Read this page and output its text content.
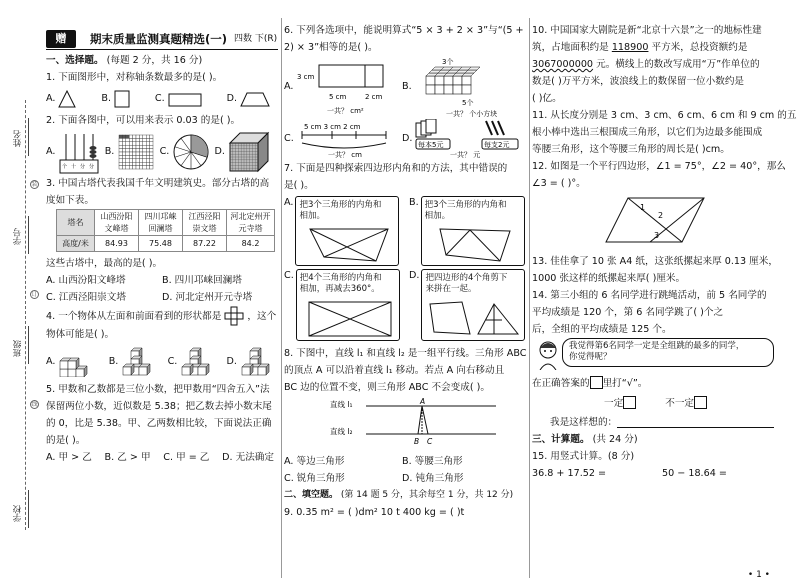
姓名
学号
班级
学校
装
订
线
赠	期末质量监测真题精选(一) 四数 下(R)
一、选择题。 (每题 2 分，共 16 分)
1. 下面图形中，对称轴条数最多的是( )。
A.	B.	C.	D.
2. 下面各图中，可以用来表示 0.03 的是( )。
A.
个 十 分 分
B.	C.	D.
3. 中国古塔代表我国千年文明建筑史。部分古塔的高
度如下表。
塔名	山西汾阳文峰塔	四川邛崃回澜塔	江西泾阳崇文塔	河北定州开元寺塔
高度/米	84.93	75.48	87.22	84.2
这些古塔中，最高的是( )。
A. 山西汾阳文峰塔	B. 四川邛崃回澜塔
C. 江西泾阳崇文塔	D. 河北定州开元寺塔
4. 一个物体从左面和前面看到的形状都是	，这个
物体可能是( )。
A.	B.	C.	D.
5. 甲数和乙数都是三位小数，把甲数用“四舍五入”法
保留两位小数，近似数是 5.38；把乙数去掉小数末尾
的 0，比是 5.38。甲、乙两数相比较，下面说法正确
的是( )。
A. 甲 > 乙 B. 乙 > 甲 C. 甲 = 乙 D. 无法确定
6. 下列各选项中，能说明算式“5 × 3 + 2 × 3”与“(5 +
2) × 3”相等的是( )。
A.
3 cm
5 cm	2 cm
一共？ cm²
B.
3个
5个
一共？ 个小方块
C.
5 cm 3 cm 2 cm
一共？ cm
D.
每本5元	每支2元
一共？ 元
7. 下面是四种探索四边形内角和的方法，其中错误的
是( )。
A. 把3个三角形的内角和
相加。
B. 把3个三角形的内角和
相加。
C. 把4个三角形的内角和
相加，再减去360°。
D. 把四边形的4个角剪下
来拼在一起。
8. 下图中，直线 l₁ 和直线 l₂ 是一组平行线。三角形 ABC
的顶点 A 可以沿着直线 l₁ 移动。若点 A 向右移动且
BC 边的位置不变，则三角形 ABC 不会变成( )。
直线 l₁
直线 l₂
A
B C
A. 等边三角形	B. 等腰三角形
C. 锐角三角形	D. 钝角三角形
二、填空题。 (第 14 题 5 分，其余每空 1 分，共 12 分)
9. 0.35 m² = ( )dm² 10 t 400 kg = ( )t
10. 中国国家大剧院是新“北京十六景”之一的地标性建
筑，占地面积约是 118900 平方米，总投资额约是
3067000000 元。横线上的数改写成用“万”作单位的
数是( )万平方米，波浪线上的数保留一位小数约是
( )亿。
11. 从长度分别是 3 cm、3 cm、6 cm、6 cm 和 9 cm 的五
根小棒中选出三根围成三角形，以它们为边最多能围成
等腰三角形，这个等腰三角形的周长是( )cm。
12. 如图是一个平行四边形，∠1 = 75°，∠2 = 40°，那么
∠3 = ( )°。
1
2
3
13. 佳佳拿了 10 张 A4 纸，这张纸摞起来厚 0.13 厘米，
1000 张这样的纸摞起来厚( )厘米。
14. 第三小组的 6 名同学进行跳绳活动，前 5 名同学的
平均成绩是 120 个，第 6 名同学跳了( )个之
后，全组的平均成绩是 125 个。
我觉得第6名同学一定是全组跳的最多的同学，
你觉得呢？
在正确答案的 里打“√”。
一定	不一定
我是这样想的：
三、计算题。 (共 24 分)
15. 用竖式计算。(8 分)
36.8 + 17.52 =	50 − 18.64 =
• 1 •
